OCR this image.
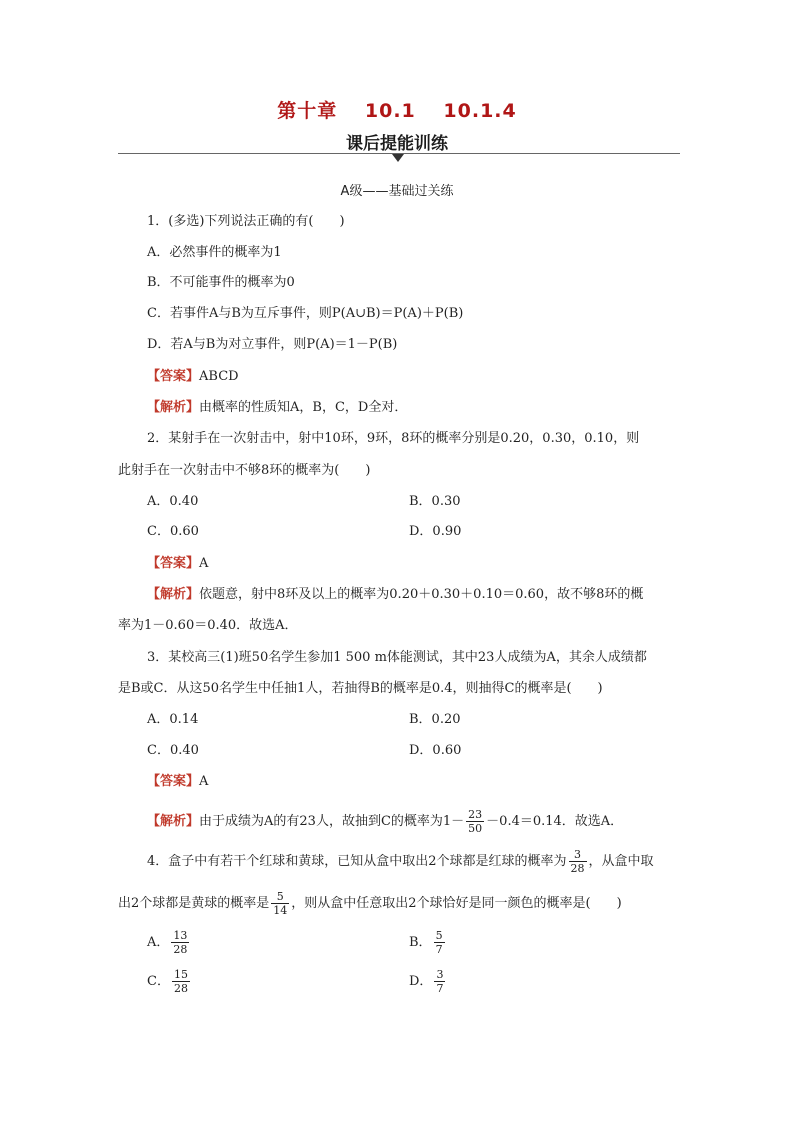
第十章 10.1 10.1.4
课后提能训练
A级——基础过关练
1．(多选)下列说法正确的有(　　)
A．必然事件的概率为1
B．不可能事件的概率为0
C．若事件A与B为互斥事件，则P(A∪B)＝P(A)＋P(B)
D．若A与B为对立事件，则P(A)＝1－P(B)
【答案】ABCD
【解析】由概率的性质知A，B，C，D全对．
2．某射手在一次射击中，射中10环，9环，8环的概率分别是0.20，0.30，0.10，则
此射手在一次射击中不够8环的概率为(　　)
A．0.40	B．0.30
C．0.60	D．0.90
【答案】A
【解析】依题意，射中8环及以上的概率为0.20＋0.30＋0.10＝0.60，故不够8环的概
率为1－0.60＝0.40．故选A．
3．某校高三(1)班50名学生参加1 500 m体能测试，其中23人成绩为A，其余人成绩都
是B或C．从这50名学生中任抽1人，若抽得B的概率是0.4，则抽得C的概率是(　　)
A．0.14	B．0.20
C．0.40	D．0.60
【答案】A
【解析】由于成绩为A的有23人，故抽到C的概率为$1- \frac{23}{50} -0.4=0.14$．故选A．
4．盒子中有若干个红球和黄球，已知从盒中取出2个球都是红球的概率为 $\frac{3}{28}$ ，从盒中取
出2个球都是黄球的概率是 $\frac{5}{14}$ ，则从盒中任意取出2个球恰好是同一颜色的概率是(　　)
A． $\frac{13}{28}$	B． $\frac{5}{7}$
C． $\frac{15}{28}$	D． $\frac{3}{7}$
